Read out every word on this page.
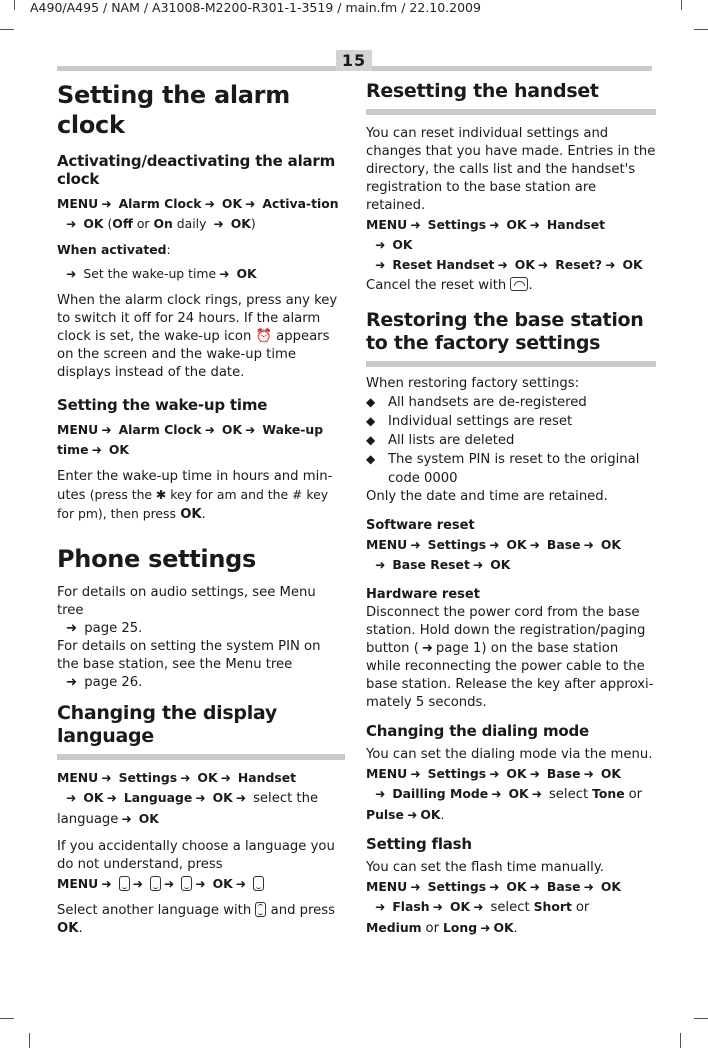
A490/A495 / NAM / A31008-M2200-R301-1-3519 / main.fm / 22.10.2009
15
Setting the alarm clock
Activating/deactivating the alarm clock
MENU ➜ Alarm Clock ➜ OK ➜ Activa-tion
➜ OK (Off or On daily ➜ OK)
When activated:
➜ Set the wake-up time ➜ OK

When the alarm clock rings, press any key to switch it off for 24 hours. If the alarm clock is set, the wake-up icon ⏰ appears on the screen and the wake-up time displays instead of the date.

Setting the wake-up time
MENU ➜ Alarm Clock ➜ OK ➜ Wake-up time ➜ OK

Enter the wake-up time in hours and min-utes (press the ✱ key for am and the # key for pm), then press OK.

Phone settings

For details on audio settings, see Menu tree
➜ page 25.

For details on setting the system PIN on the base station, see the Menu tree
➜ page 26.

Changing the display language
MENU ➜ Settings ➜ OK ➜ Handset
➜ OK ➜ Language ➜ OK ➜ select the language ➜ OK

If you accidentally choose a language you do not understand, press

MENU ➜ ➜ ➜ ➜ OK ➜

Select another language with and press OK.

Resetting the handset

You can reset individual settings and changes that you have made. Entries in the directory, the calls list and the handset's registration to the base station are retained.

MENU ➜ Settings ➜ OK ➜ Handset
➜ OK
➜ Reset Handset ➜ OK ➜ Reset? ➜ OK

Cancel the reset with .

Restoring the base station to the factory settings

When restoring factory settings:

◆ All handsets are de-registered
◆ Individual settings are reset
◆ All lists are deleted
◆ The system PIN is reset to the original code 0000

Only the date and time are retained.

Software reset
MENU ➜ Settings ➜ OK ➜ Base ➜ OK
➜ Base Reset ➜ OK
Hardware reset

Disconnect the power cord from the base station. Hold down the registration/paging button ( ➜ page 1) on the base station while reconnecting the power cable to the base station. Release the key after approxi-mately 5 seconds.

Changing the dialing mode

You can set the dialing mode via the menu.

MENU ➜ Settings ➜ OK ➜ Base ➜ OK
➜ Dailling Mode ➜ OK ➜ select Tone or
Pulse ➜ OK.
Setting flash

You can set the flash time manually.

MENU ➜ Settings ➜ OK ➜ Base ➜ OK
➜ Flash ➜ OK ➜ select Short or
Medium or Long ➜ OK.
